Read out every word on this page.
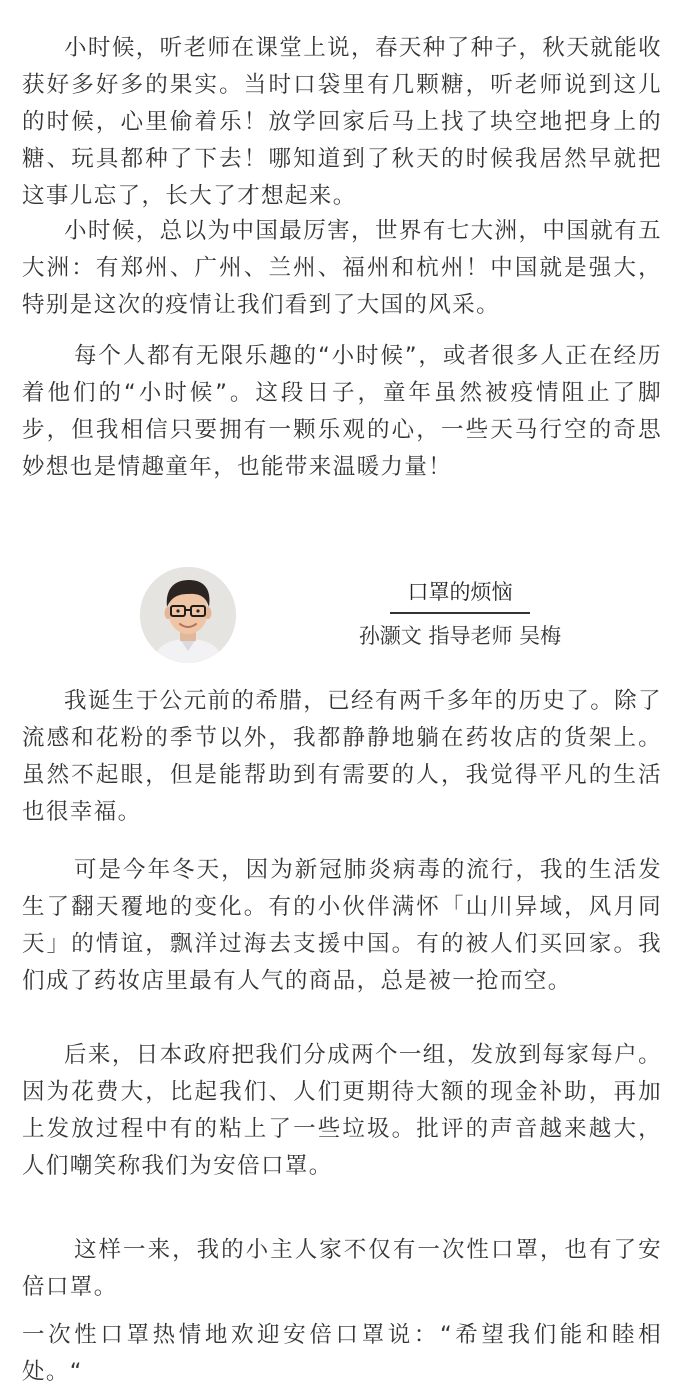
小时候，听老师在课堂上说，春天种了种子，秋天就能收获好多好多的果实。当时口袋里有几颗糖，听老师说到这儿的时候，心里偷着乐！放学回家后马上找了块空地把身上的糖、玩具都种了下去！哪知道到了秋天的时候我居然早就把这事儿忘了，长大了才想起来。

小时候，总以为中国最厉害，世界有七大洲，中国就有五大洲：有郑州、广州、兰州、福州和杭州！中国就是强大，特别是这次的疫情让我们看到了大国的风采。

每个人都有无限乐趣的“小时候”，或者很多人正在经历着他们的“小时候”。这段日子，童年虽然被疫情阻止了脚步，但我相信只要拥有一颗乐观的心，一些天马行空的奇思妙想也是情趣童年，也能带来温暖力量！

口罩的烦恼
孙灏文 指导老师 吴梅

我诞生于公元前的希腊，已经有两千多年的历史了。除了流感和花粉的季节以外，我都静静地躺在药妆店的货架上。虽然不起眼，但是能帮助到有需要的人，我觉得平凡的生活也很幸福。

可是今年冬天，因为新冠肺炎病毒的流行，我的生活发生了翻天覆地的变化。有的小伙伴满怀「山川异域，风月同天」的情谊，飘洋过海去支援中国。有的被人们买回家。我们成了药妆店里最有人气的商品，总是被一抢而空。

后来，日本政府把我们分成两个一组，发放到每家每户。因为花费大，比起我们、人们更期待大额的现金补助，再加上发放过程中有的粘上了一些垃圾。批评的声音越来越大，人们嘲笑称我们为安倍口罩。

这样一来，我的小主人家不仅有一次性口罩，也有了安倍口罩。

一次性口罩热情地欢迎安倍口罩说：“希望我们能和睦相处。“
